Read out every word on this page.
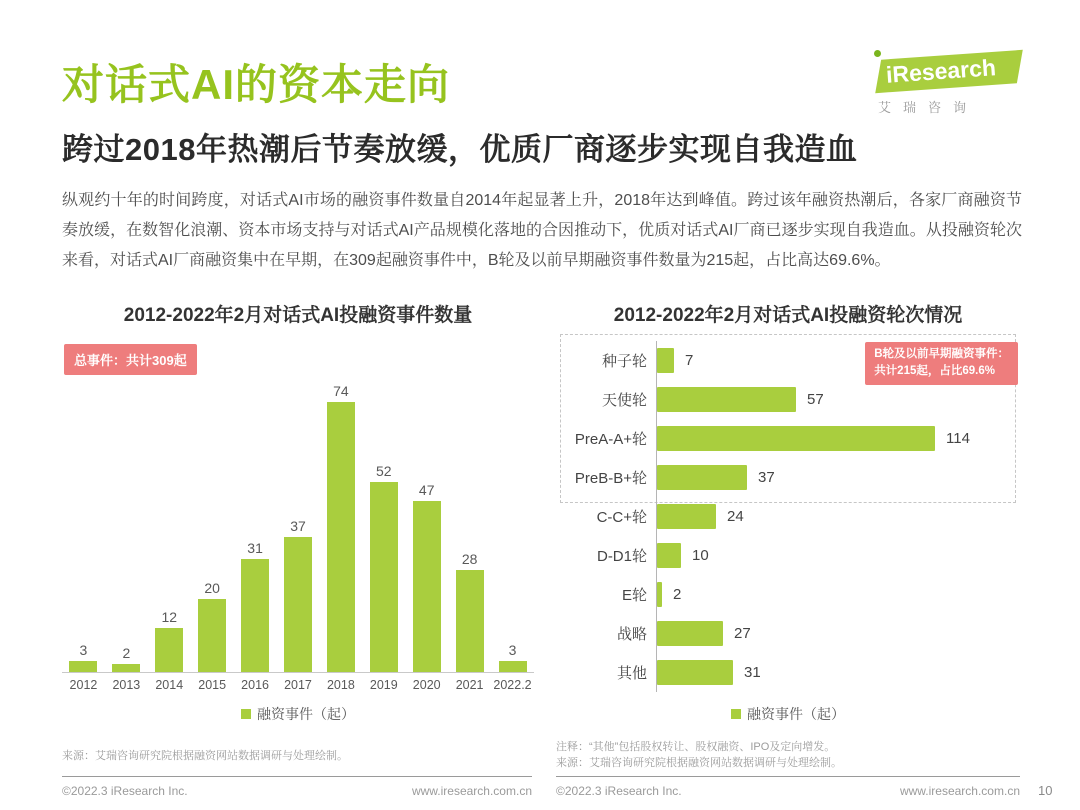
对话式AI的资本走向	iResearch
艾瑞咨询
跨过2018年热潮后节奏放缓，优质厂商逐步实现自我造血

纵观约十年的时间跨度，对话式AI市场的融资事件数量自2014年起显著上升，2018年达到峰值。跨过该年融资热潮后，各家厂商融资节奏放缓，在数智化浪潮、资本市场支持与对话式AI产品规模化落地的合因推动下，优质对话式AI厂商已逐步实现自我造血。从投融资轮次来看，对话式AI厂商融资集中在早期，在309起融资事件中，B轮及以前早期融资事件数量为215起，占比高达69.6%。

2012-2022年2月对话式AI投融资事件数量
总事件：共计309起
3	2
12
20
31
37
74
52
47
28
3
2012	2013	2014	2015	2016	2017	2018	2019	2020	2021 2022.2
融资事件（起）
来源：艾瑞咨询研究院根据融资网站数据调研与处理绘制。
2012-2022年2月对话式AI投融资轮次情况
B轮及以前早期融资事件：
共计215起，占比69.6%
种子轮	7
天使轮	57
PreA-A+轮	114
PreB-B+轮	37
C-C+轮	24
D-D1轮	10
E轮	2
战略	27
其他	31
融资事件（起）
注释：“其他”包括股权转让、股权融资、IPO及定向增发。
来源：艾瑞咨询研究院根据融资网站数据调研与处理绘制。
©2022.3 iResearch Inc.	www.iresearch.com.cn ©2022.3 iResearch Inc.	www.iresearch.com.cn 10
